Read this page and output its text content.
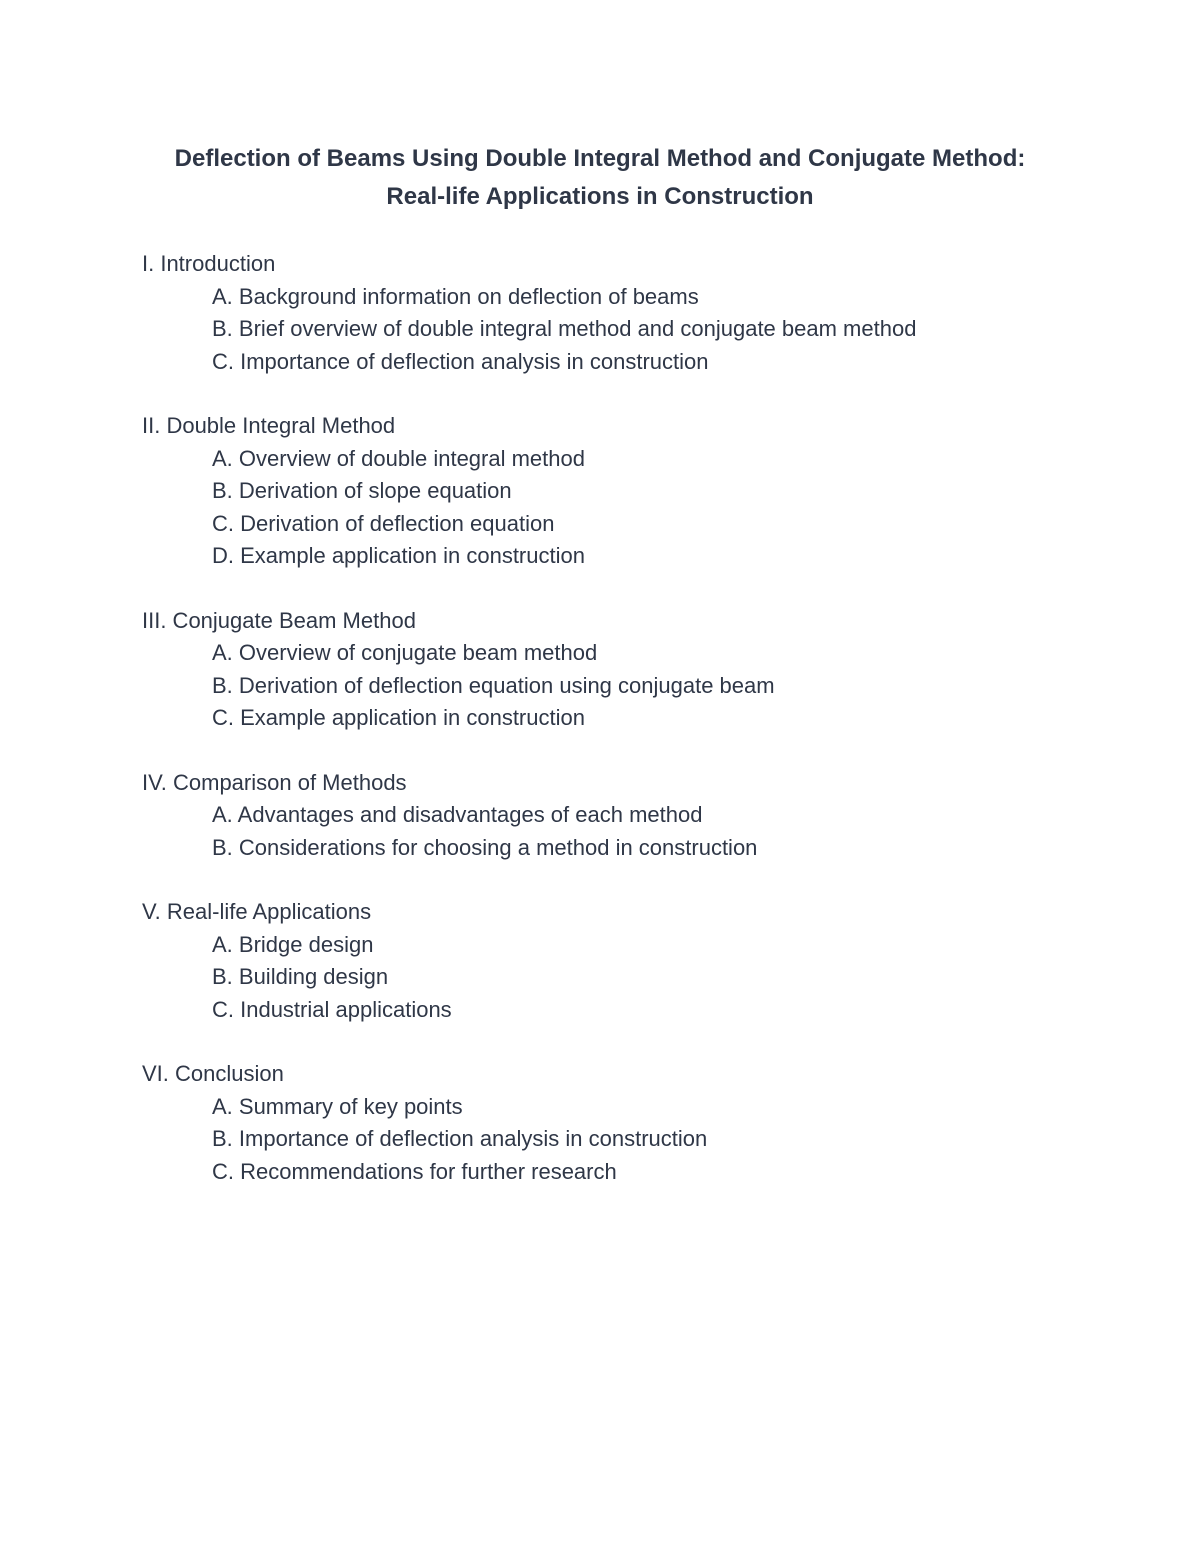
Deflection of Beams Using Double Integral Method and Conjugate Method:
Real-life Applications in Construction
I. Introduction
A. Background information on deflection of beams
B. Brief overview of double integral method and conjugate beam method
C. Importance of deflection analysis in construction
II. Double Integral Method
A. Overview of double integral method
B. Derivation of slope equation
C. Derivation of deflection equation
D. Example application in construction
III. Conjugate Beam Method
A. Overview of conjugate beam method
B. Derivation of deflection equation using conjugate beam
C. Example application in construction
IV. Comparison of Methods
A. Advantages and disadvantages of each method
B. Considerations for choosing a method in construction
V. Real-life Applications
A. Bridge design
B. Building design
C. Industrial applications
VI. Conclusion
A. Summary of key points
B. Importance of deflection analysis in construction
C. Recommendations for further research
